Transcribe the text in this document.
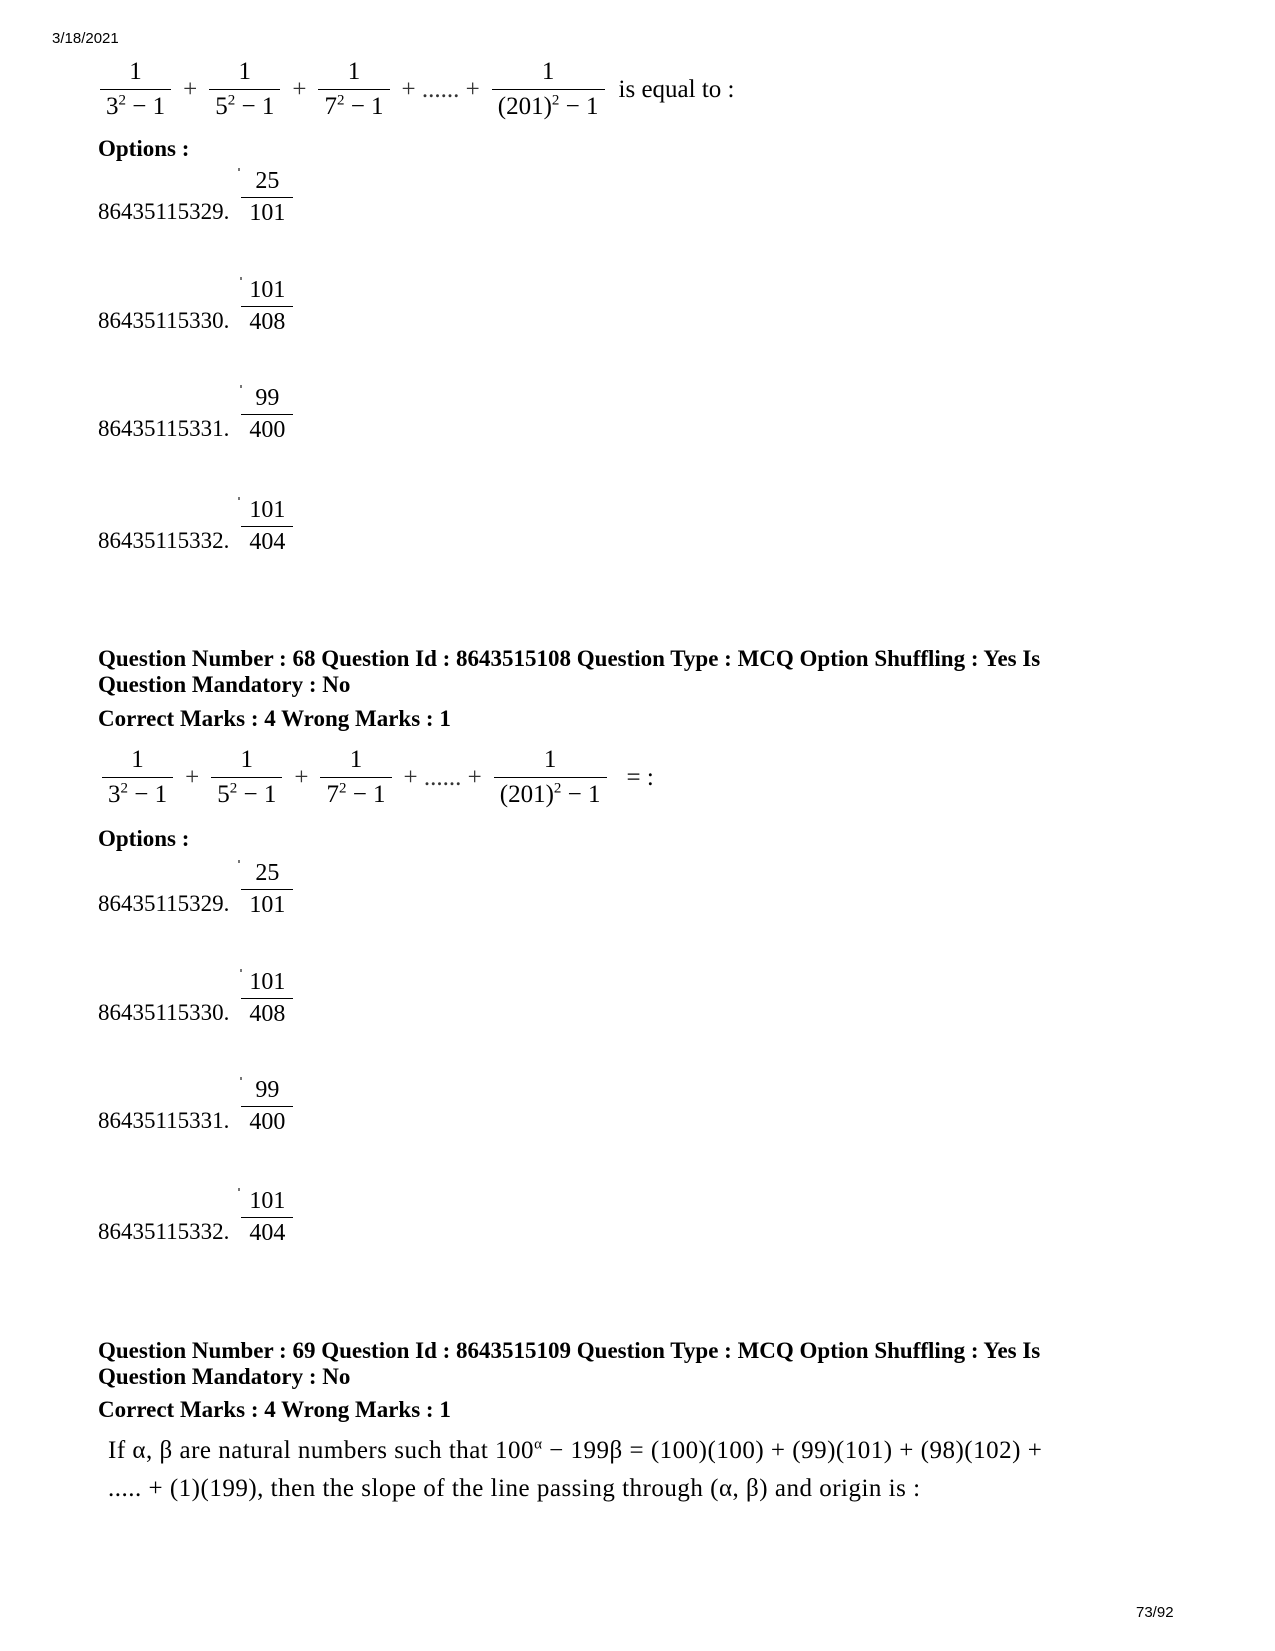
3/18/2021
$\frac{1}{3^2 - 1} + \frac{1}{5^2 - 1} + \frac{1}{7^2 - 1}$ + ...... + $\frac{1}{(201)^2 - 1}$ is equal to :
Options :
86435115329. $\frac{25}{101}$
86435115330. $\frac{101}{408}$
86435115331. $\frac{99}{400}$
86435115332. $\frac{101}{404}$
Question Number : 68 Question Id : 8643515108 Question Type : MCQ Option Shuffling : Yes Is
Question Mandatory : No
Correct Marks : 4 Wrong Marks : 1
$\frac{1}{3^2 - 1} + \frac{1}{5^2 - 1} + \frac{1}{7^2 - 1}$ + ...... + $\frac{1}{(201)^2 - 1}$ = :
Options :
86435115329. $\frac{25}{101}$
86435115330. $\frac{101}{408}$
86435115331. $\frac{99}{400}$
86435115332. $\frac{101}{404}$
Question Number : 69 Question Id : 8643515109 Question Type : MCQ Option Shuffling : Yes Is
Question Mandatory : No
Correct Marks : 4 Wrong Marks : 1
If α, β are natural numbers such that $100^\alpha - 199\beta = (100)(100) + (99)(101) + (98)(102)$ +
..... + (1)(199), then the slope of the line passing through (α, β) and origin is :
73/92
